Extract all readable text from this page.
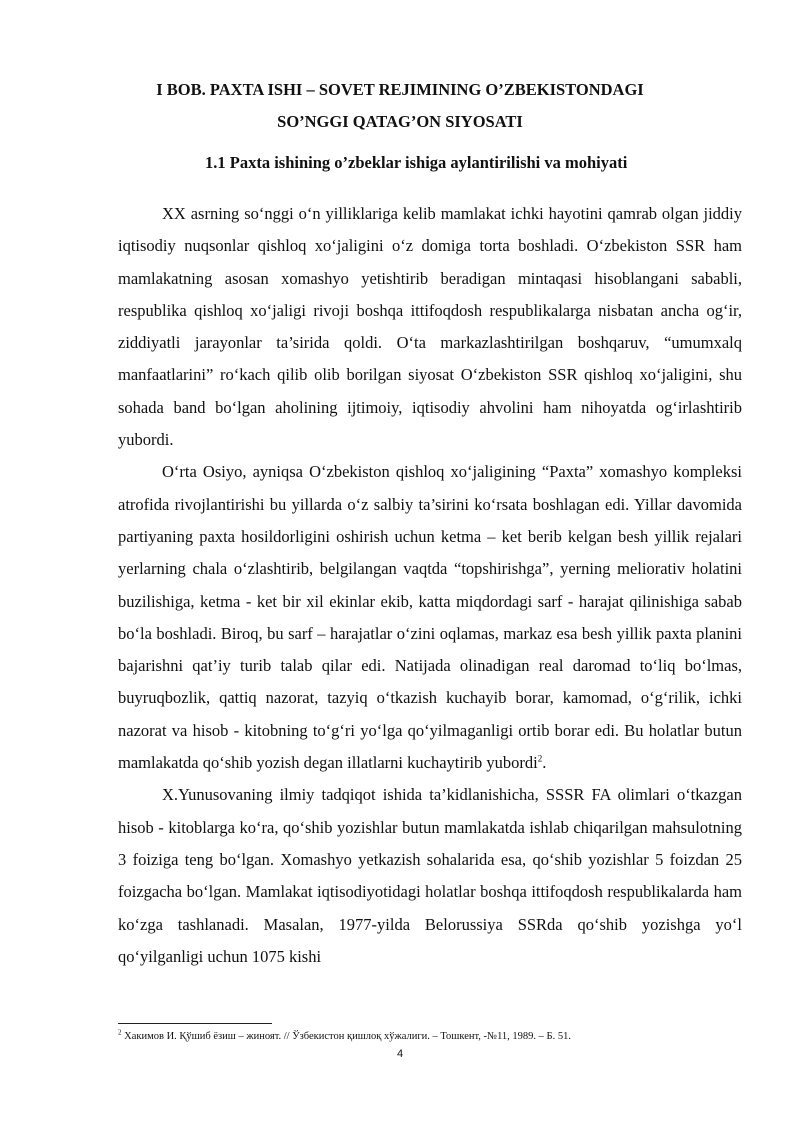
I BOB. PAXTA ISHI – SOVET REJIMINING O’ZBEKISTONDAGI
SO’NGGI QATAG’ON SIYOSATI
1.1 Paxta ishining o’zbeklar ishiga aylantirilishi va mohiyati

XX asrning so‘nggi o‘n yilliklariga kelib mamlakat ichki hayotini qamrab olgan jiddiy iqtisodiy nuqsonlar qishloq xo‘jaligini o‘z domiga torta boshladi. O‘zbekiston SSR ham mamlakatning asosan xomashyo yetishtirib beradigan mintaqasi hisoblangani sababli, respublika qishloq xo‘jaligi rivoji boshqa ittifoqdosh respublikalarga nisbatan ancha og‘ir, ziddiyatli jarayonlar ta’sirida qoldi. O‘ta markazlashtirilgan boshqaruv, “umumxalq manfaatlarini” ro‘kach qilib olib borilgan siyosat O‘zbekiston SSR qishloq xo‘jaligini, shu sohada band bo‘lgan aholining ijtimoiy, iqtisodiy ahvolini ham nihoyatda og‘irlashtirib yubordi.

O‘rta Osiyo, ayniqsa O‘zbekiston qishloq xo‘jaligining “Paxta” xomashyo kompleksi atrofida rivojlantirishi bu yillarda o‘z salbiy ta’sirini ko‘rsata boshlagan edi. Yillar davomida partiyaning paxta hosildorligini oshirish uchun ketma – ket berib kelgan besh yillik rejalari yerlarning chala o‘zlashtirib, belgilangan vaqtda “topshirishga”, yerning meliorativ holatini buzilishiga, ketma - ket bir xil ekinlar ekib, katta miqdordagi sarf - harajat qilinishiga sabab bo‘la boshladi. Biroq, bu sarf – harajatlar o‘zini oqlamas, markaz esa besh yillik paxta planini bajarishni qat’iy turib talab qilar edi. Natijada olinadigan real daromad to‘liq bo‘lmas, buyruqbozlik, qattiq nazorat, tazyiq o‘tkazish kuchayib borar, kamomad, o‘g‘rilik, ichki nazorat va hisob - kitobning to‘g‘ri yo‘lga qo‘yilmaganligi ortib borar edi. Bu holatlar butun mamlakatda qo‘shib yozish degan illatlarni kuchaytirib yubordi$^2$.

X.Yunusovaning ilmiy tadqiqot ishida ta’kidlanishicha, SSSR FA olimlari o‘tkazgan hisob - kitoblarga ko‘ra, qo‘shib yozishlar butun mamlakatda ishlab chiqarilgan mahsulotning 3 foiziga teng bo‘lgan. Xomashyo yetkazish sohalarida esa, qo‘shib yozishlar 5 foizdan 25 foizgacha bo‘lgan. Mamlakat iqtisodiyotidagi holatlar boshqa ittifoqdosh respublikalarda ham ko‘zga tashlanadi. Masalan, 1977-yilda Belorussiya SSRda qo‘shib yozishga yo‘l qo‘yilganligi uchun 1075 kishi

$^2$ Хакимов И. Қўшиб ёзиш – жиноят. // Ўзбекистон қишлоқ хўжалиги. – Тошкент, -№11, 1989. – Б. 51.
4
